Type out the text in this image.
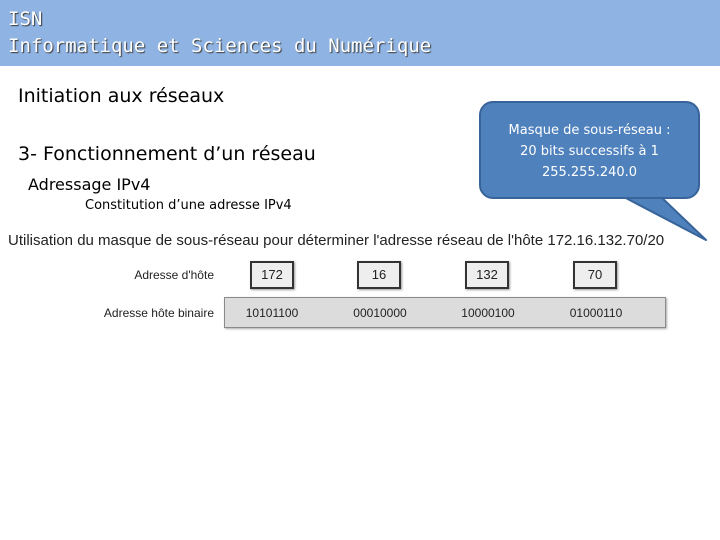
ISN
Informatique et Sciences du Numérique
Initiation aux réseaux
3- Fonctionnement d’un réseau
Adressage IPv4
Constitution d’une adresse IPv4
Masque de sous-réseau :
20 bits successifs à 1
255.255.240.0
Utilisation du masque de sous-réseau pour déterminer l'adresse réseau de l'hôte 172.16.132.70/20
Adresse d'hôte	172	16	132	70
Adresse hôte binaire	10101100	00010000	10000100	01000110
